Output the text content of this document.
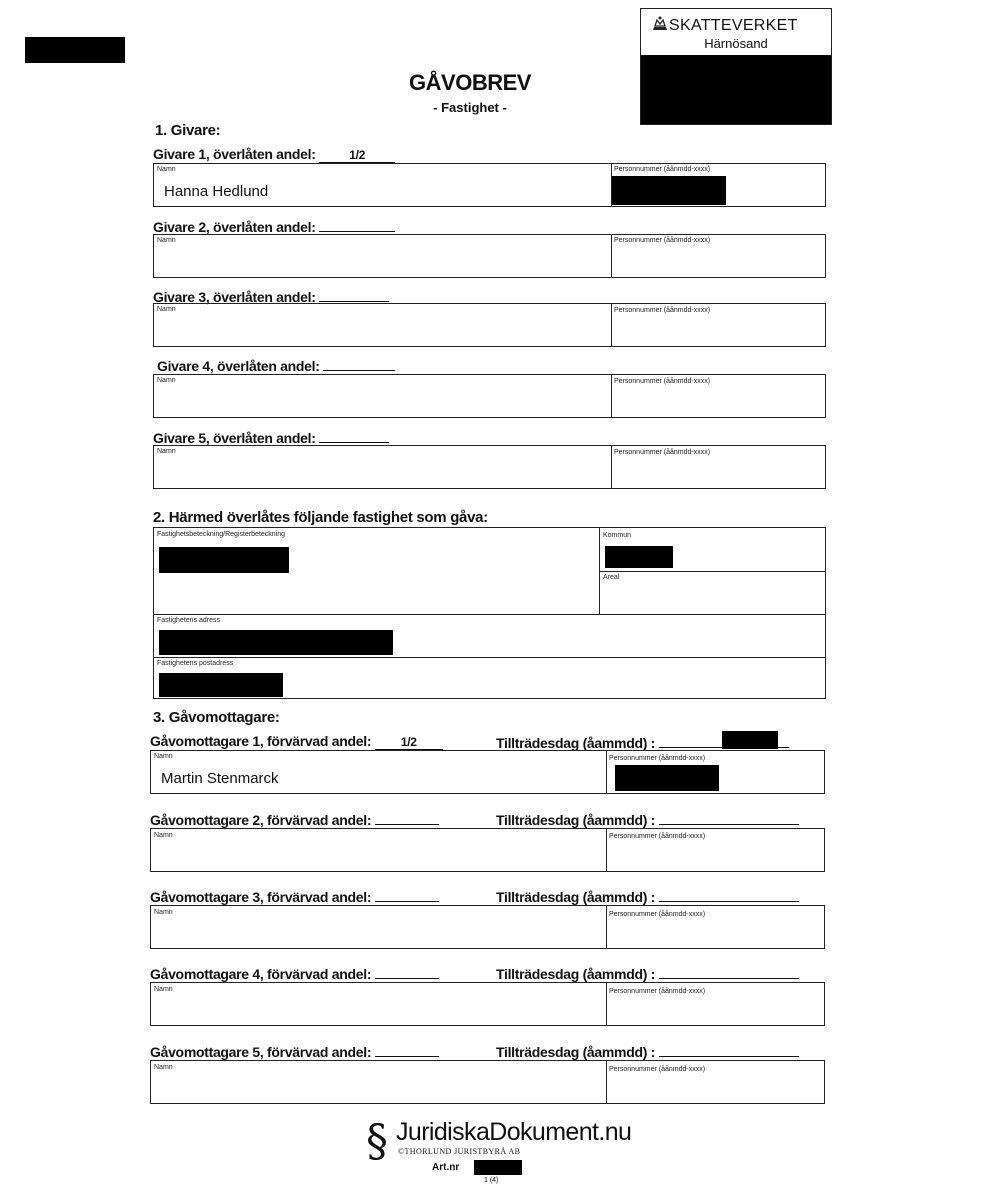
SKATTEVERKET
Härnösand
GÅVOBREV
- Fastighet -
1. Givare:
Givare 1, överlåten andel:	1/2
Namn
Hanna Hedlund
Personnummer (åånmdd-xxxx)
Givare 2, överlåten andel:
Namn	Personnummer (åånmdd-xxxx)
Givare 3, överlåten andel:
Namn	Personnummer (åånmdd-xxxx)
Givare 4, överlåten andel:
Namn	Personnummer (åånmdd-xxxx)
Givare 5, överlåten andel:
Namn	Personnummer (åånmdd-xxxx)
2. Härmed överlåtes följande fastighet som gåva:
Fastighetsbeteckning/Registerbeteckning	Kommun
Areal
Fastighetens adress
Fastighetens postadress
3. Gåvomottagare:
Gåvomottagare 1, förvärvad andel: 1/2	Tillträdesdag (åammdd) :
Namn
Martin Stenmarck
Personnummer (åånmdd-xxxx)
Gåvomottagare 2, förvärvad andel:	Tillträdesdag (åammdd) :
Namn	Personnummer (åånmdd-xxxx)
Gåvomottagare 3, förvärvad andel:	Tillträdesdag (åammdd) :
Namn	Personnummer (åånmdd-xxxx)
Gåvomottagare 4, förvärvad andel:	Tillträdesdag (åammdd) :
Namn	Personnummer (åånmdd-xxxx)
Gåvomottagare 5, förvärvad andel:	Tillträdesdag (åammdd) :
Namn	Personnummer (åånmdd-xxxx)
§ JuridiskaDokument.nu
©THORLUND JURISTBYRÅ AB
Art.nr
1 (4)
